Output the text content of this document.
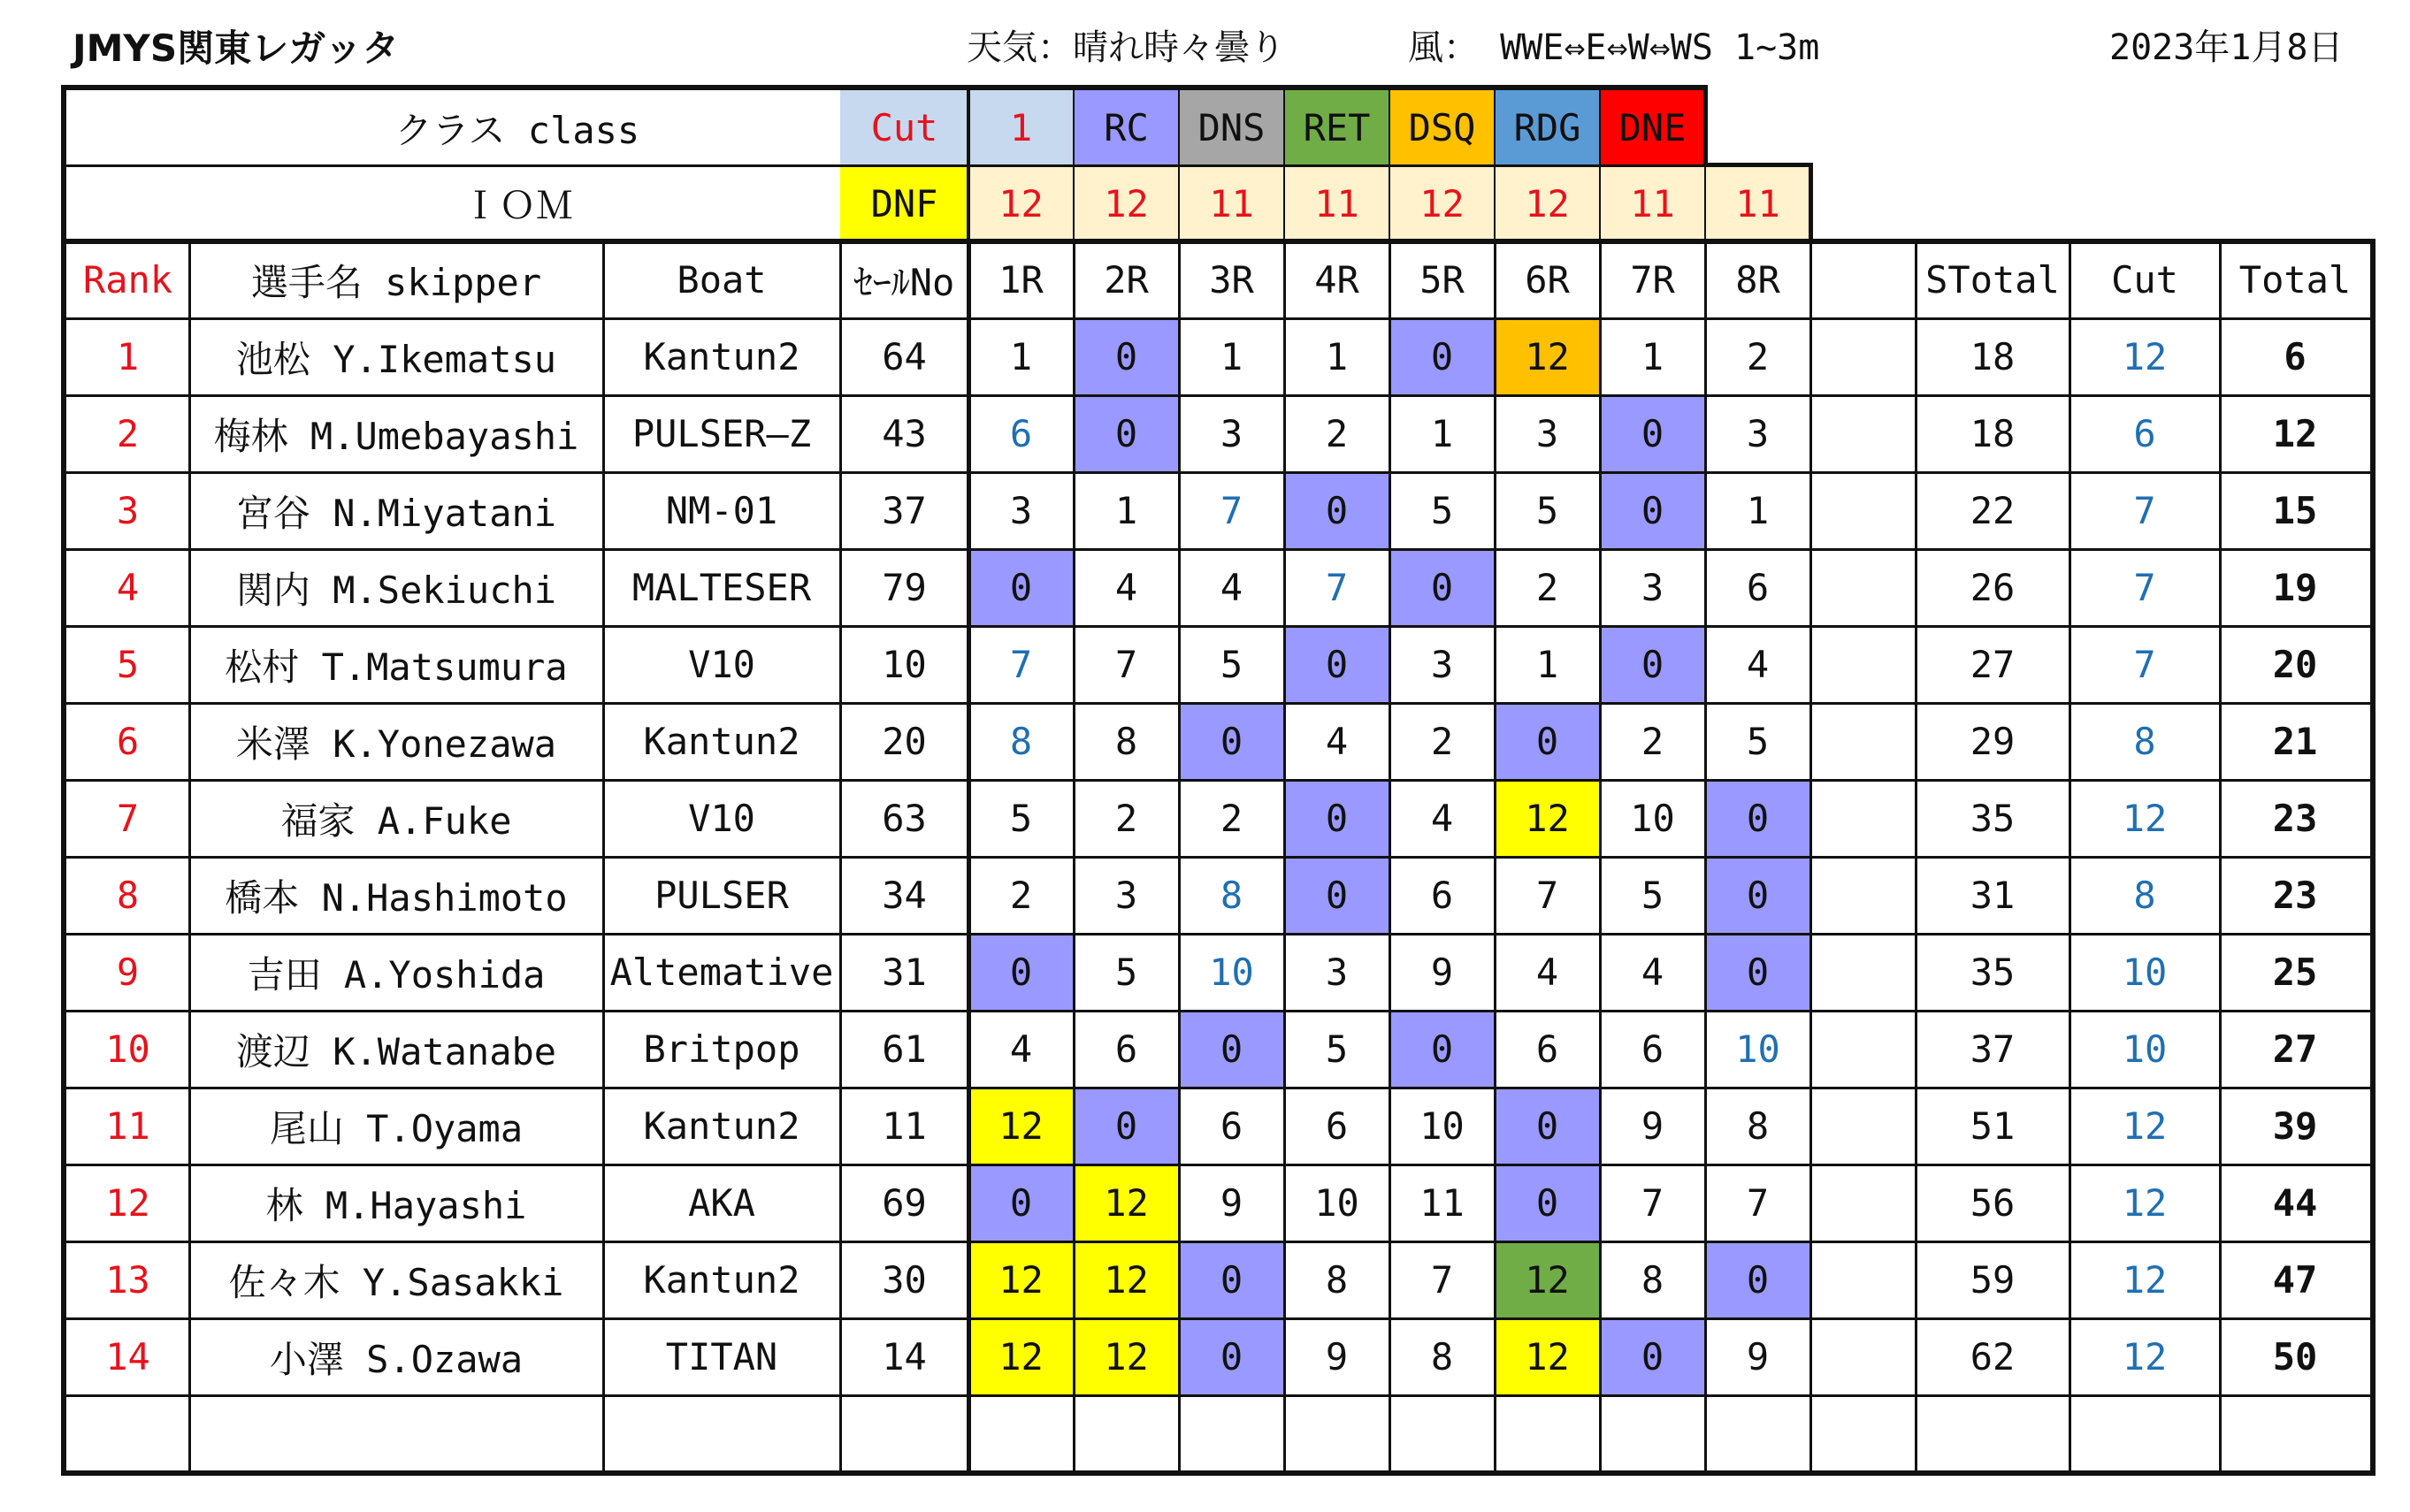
JMYS関東レガッタ	天気：晴れ時々曇り	風： WWE⇔E⇔W⇔WS 1~3m	2023年1月8日
クラス class
ＩＯＭ
Cut	1	RC	DNS	RET	DSQ	RDG	DNE
DNF	12	12	11	11	12	12	11	11
Rank	選手名 skipper	Boat	ｾｰﾙNo	1R	2R	3R	4R	5R	6R	7R	8R	STotal	Cut	Total
1	池松 Y.Ikematsu	Kantun2	64	1	0	1	1	0	12	1	2	18	12	6
2	梅林 M.Umebayashi	PULSER—Z	43	6	0	3	2	1	3	0	3	18	6	12
3	宮谷 N.Miyatani	NM-01	37	3	1	7	0	5	5	0	1	22	7	15
4	関内 M.Sekiuchi	MALTESER	79	0	4	4	7	0	2	3	6	26	7	19
5	松村 T.Matsumura	V10	10	7	7	5	0	3	1	0	4	27	7	20
6	米澤 K.Yonezawa	Kantun2	20	8	8	0	4	2	0	2	5	29	8	21
7	福家 A.Fuke	V10	63	5	2	2	0	4	12	10	0	35	12	23
8	橋本 N.Hashimoto	PULSER	34	2	3	8	0	6	7	5	0	31	8	23
9	吉田 A.Yoshida	Altemative	31	0	5	10	3	9	4	4	0	35	10	25
10	渡辺 K.Watanabe	Britpop	61	4	6	0	5	0	6	6	10	37	10	27
11	尾山 T.Oyama	Kantun2	11	12	0	6	6	10	0	9	8	51	12	39
12	林 M.Hayashi	AKA	69	0	12	9	10	11	0	7	7	56	12	44
13	佐々木 Y.Sasakki	Kantun2	30	12	12	0	8	7	12	8	0	59	12	47
14	小澤 S.Ozawa	TITAN	14	12	12	0	9	8	12	0	9	62	12	50
